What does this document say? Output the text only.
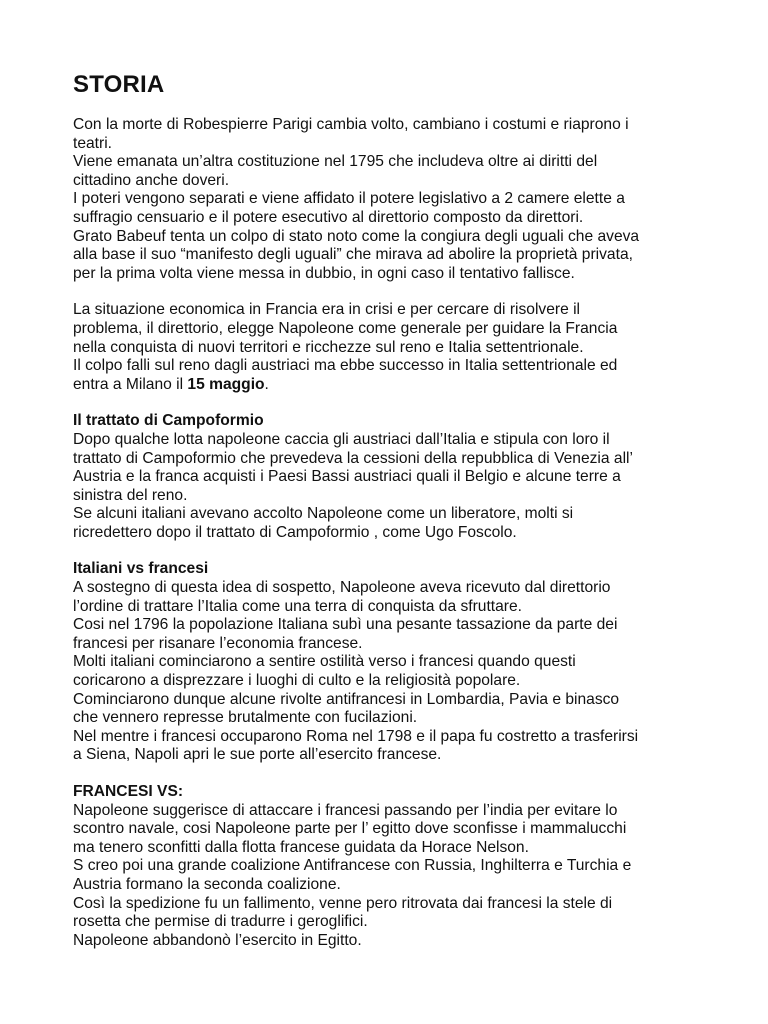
STORIA
Con la morte di Robespierre Parigi cambia volto, cambiano i costumi e riaprono i
teatri.
Viene emanata un’altra costituzione nel 1795 che includeva oltre ai diritti del
cittadino anche doveri.
I poteri vengono separati e viene affidato il potere legislativo a 2 camere elette a
suffragio censuario e il potere esecutivo al direttorio composto da direttori.
Grato Babeuf tenta un colpo di stato noto come la congiura degli uguali che aveva
alla base il suo “manifesto degli uguali” che mirava ad abolire la proprietà privata,
per la prima volta viene messa in dubbio, in ogni caso il tentativo fallisce.
La situazione economica in Francia era in crisi e per cercare di risolvere il
problema, il direttorio, elegge Napoleone come generale per guidare la Francia
nella conquista di nuovi territori e ricchezze sul reno e Italia settentrionale.
Il colpo falli sul reno dagli austriaci ma ebbe successo in Italia settentrionale ed
entra a Milano il 15 maggio.
Il trattato di Campoformio
Dopo qualche lotta napoleone caccia gli austriaci dall’Italia e stipula con loro il
trattato di Campoformio che prevedeva la cessioni della repubblica di Venezia all’
Austria e la franca acquisti i Paesi Bassi austriaci quali il Belgio e alcune terre a
sinistra del reno.
Se alcuni italiani avevano accolto Napoleone come un liberatore, molti si
ricredettero dopo il trattato di Campoformio , come Ugo Foscolo.
Italiani vs francesi
A sostegno di questa idea di sospetto, Napoleone aveva ricevuto dal direttorio
l’ordine di trattare l’Italia come una terra di conquista da sfruttare.
Cosi nel 1796 la popolazione Italiana subì una pesante tassazione da parte dei
francesi per risanare l’economia francese.
Molti italiani cominciarono a sentire ostilità verso i francesi quando questi
coricarono a disprezzare i luoghi di culto e la religiosità popolare.
Cominciarono dunque alcune rivolte antifrancesi in Lombardia, Pavia e binasco
che vennero represse brutalmente con fucilazioni.
Nel mentre i francesi occuparono Roma nel 1798 e il papa fu costretto a trasferirsi
a Siena, Napoli apri le sue porte all’esercito francese.
FRANCESI VS:
Napoleone suggerisce di attaccare i francesi passando per l’india per evitare lo
scontro navale, cosi Napoleone parte per l’ egitto dove sconfisse i mammalucchi
ma tenero sconfitti dalla flotta francese guidata da Horace Nelson.
S creo poi una grande coalizione Antifrancese con Russia, Inghilterra e Turchia e
Austria formano la seconda coalizione.
Così la spedizione fu un fallimento, venne pero ritrovata dai francesi la stele di
rosetta che permise di tradurre i geroglifici.
Napoleone abbandonò l’esercito in Egitto.
